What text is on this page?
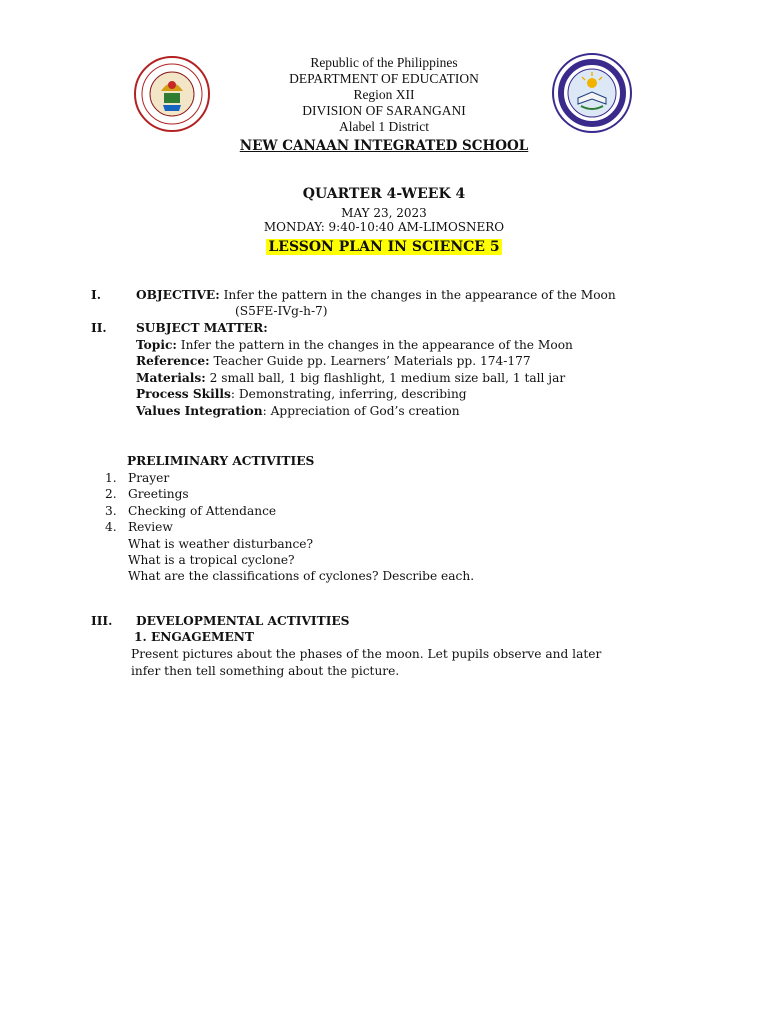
Republic of the Philippines
DEPARTMENT OF EDUCATION
Region XII
DIVISION OF SARANGANI
Alabel 1 District
NEW CANAAN INTEGRATED SCHOOL
QUARTER 4-WEEK 4
MAY 23, 2023
MONDAY: 9:40-10:40 AM-LIMOSNERO
LESSON PLAN IN SCIENCE 5
I.	OBJECTIVE: Infer the pattern in the changes in the appearance of the Moon
(S5FE-IVg-h-7)
II. SUBJECT MATTER:
Topic: Infer the pattern in the changes in the appearance of the Moon
Reference: Teacher Guide pp. Learners’ Materials pp. 174-177
Materials: 2 small ball, 1 big flashlight, 1 medium size ball, 1 tall jar
Process Skills: Demonstrating, inferring, describing
Values Integration: Appreciation of God’s creation
PRELIMINARY ACTIVITIES
1. Prayer
2. Greetings
3. Checking of Attendance
4. Review
What is weather disturbance?
What is a tropical cyclone?
What are the classifications of cyclones? Describe each.
III. DEVELOPMENTAL ACTIVITIES
1. ENGAGEMENT
Present pictures about the phases of the moon. Let pupils observe and later
infer then tell something about the picture.
